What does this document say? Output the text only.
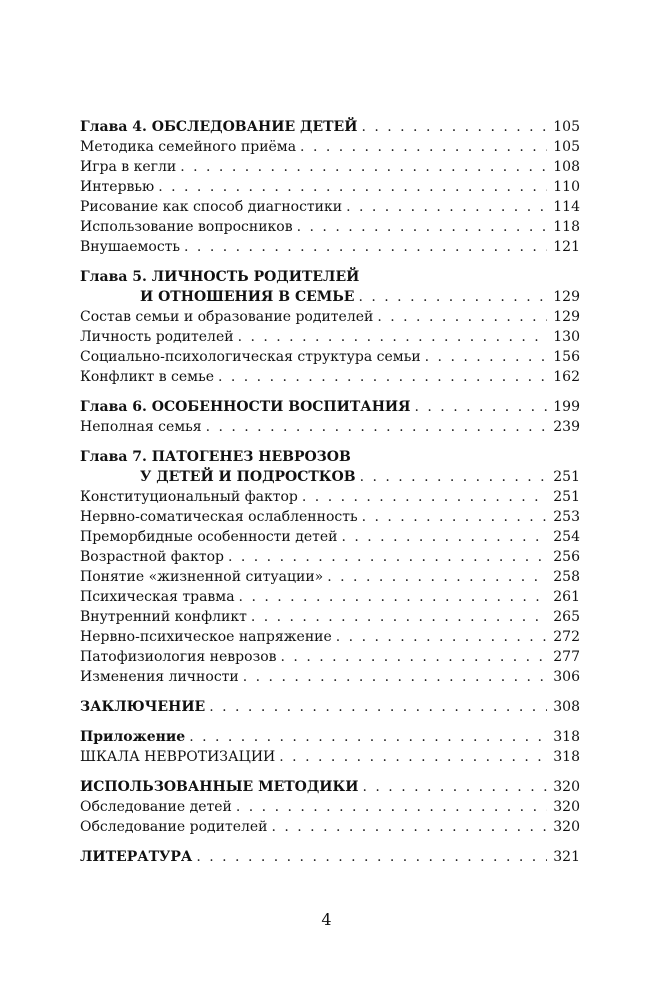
Глава 4. ОБСЛЕДОВАНИЕ ДЕТЕЙ . . .	105
Методика семейного приёма . . .	105
Игра в кегли . . .	108
Интервью . . .	110
Рисование как способ диагностики . . .	114
Использование вопросников . . .	118
Внушаемость . . .	121
Глава 5. ЛИЧНОСТЬ РОДИТЕЛЕЙ
И ОТНОШЕНИЯ В СЕМЬЕ . . .	129
Состав семьи и образование родителей . . .	129
Личность родителей . . .	130
Социально-психологическая структура семьи . . .	156
Конфликт в семье . . .	162
Глава 6. ОСОБЕННОСТИ ВОСПИТАНИЯ . . .	199
Неполная семья . . .	239
Глава 7. ПАТОГЕНЕЗ НЕВРОЗОВ
У ДЕТЕЙ И ПОДРОСТКОВ . . .	251
Конституциональный фактор . . .	251
Нервно-соматическая ослабленность . . .	253
Преморбидные особенности детей . . .	254
Возрастной фактор . . .	256
Понятие «жизненной ситуации» . . .	258
Психическая травма . . .	261
Внутренний конфликт . . .	265
Нервно-психическое напряжение . . .	272
Патофизиология неврозов . . .	277
Изменения личности . . .	306
ЗАКЛЮЧЕНИЕ . . .	308
Приложение . . .	318
ШКАЛА НЕВРОТИЗАЦИИ . . .	318
ИСПОЛЬЗОВАННЫЕ МЕТОДИКИ . . .	320
Обследование детей . . .	320
Обследование родителей . . .	320
ЛИТЕРАТУРА . . .	321
4
